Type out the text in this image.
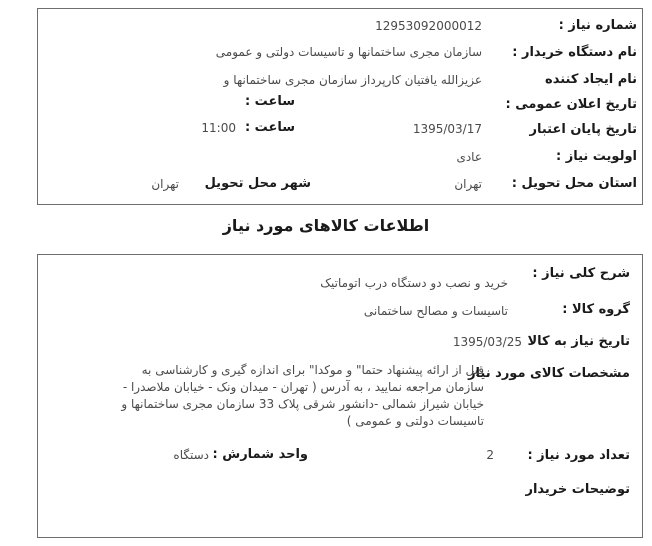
شماره نیاز :
12953092000012
نام دستگاه خریدار :
سازمان مجری ساختمانها و تاسیسات دولتی و عمومی
نام ایجاد کننده
عزیزالله یافتیان کارپرداز سازمان مجری ساختمانها و
تاریخ اعلان عمومی :
ساعت :
تاریخ پایان اعتبار
1395/03/17
ساعت :
11:00
اولویت نیاز :
عادی
استان محل تحویل :
تهران
شهر محل تحویل
تهران
اطلاعات کالاهای مورد نیاز
شرح کلی نیاز :
خرید و نصب دو دستگاه درب اتوماتیک
گروه کالا :
تاسیسات و مصالح ساختمانی
تاریخ نیاز به کالا
1395/03/25
مشخصات کالای مورد نیاز
قبل از ارائه پیشنهاد حتما" و موکدا" برای اندازه گیری و کارشناسی به
سازمان مراجعه نمایید ، به آدرس ( تهران - میدان ونک - خیابان ملاصدرا -
خیابان شیراز شمالی -دانشور شرقی پلاک 33 سازمان مجری ساختمانها و
تاسیسات دولتی و عمومی )
تعداد مورد نیاز :
2
واحد شمارش :
دستگاه
توضیحات خریدار
